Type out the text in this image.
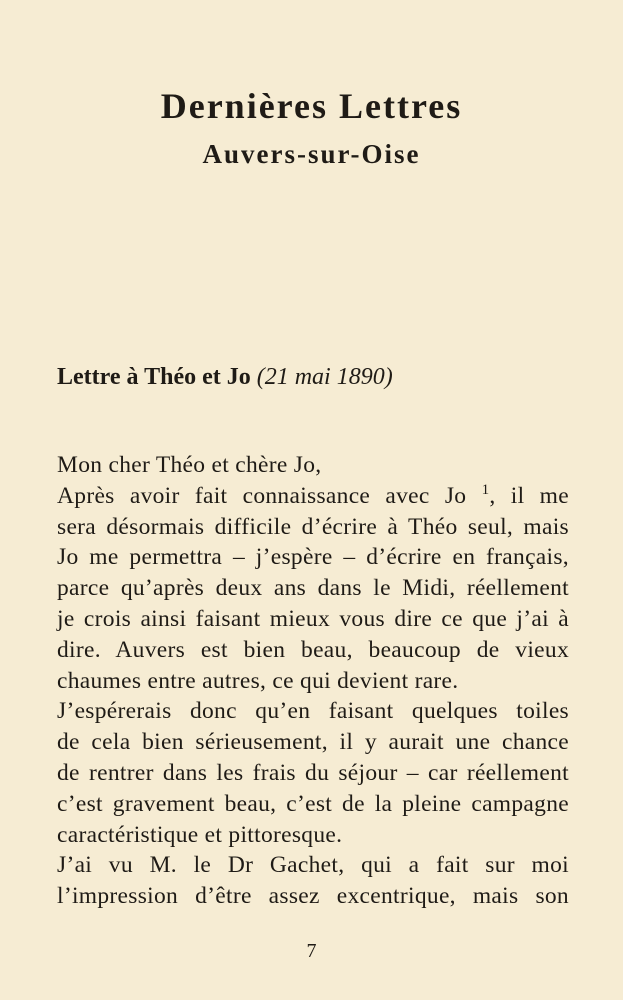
Dernières Lettres
Auvers-sur-Oise
Lettre à Théo et Jo (21 mai 1890)
Mon cher Théo et chère Jo,
Après avoir fait connaissance avec Jo $^1$, il me
sera désormais difficile d’écrire à Théo seul, mais
Jo me permettra – j’espère – d’écrire en français,
parce qu’après deux ans dans le Midi, réellement
je crois ainsi faisant mieux vous dire ce que j’ai à
dire. Auvers est bien beau, beaucoup de vieux
chaumes entre autres, ce qui devient rare.
J’espérerais donc qu’en faisant quelques toiles
de cela bien sérieusement, il y aurait une chance
de rentrer dans les frais du séjour – car réellement
c’est gravement beau, c’est de la pleine campagne
caractéristique et pittoresque.
J’ai vu M. le Dr Gachet, qui a fait sur moi
l’impression d’être assez excentrique, mais son
7
